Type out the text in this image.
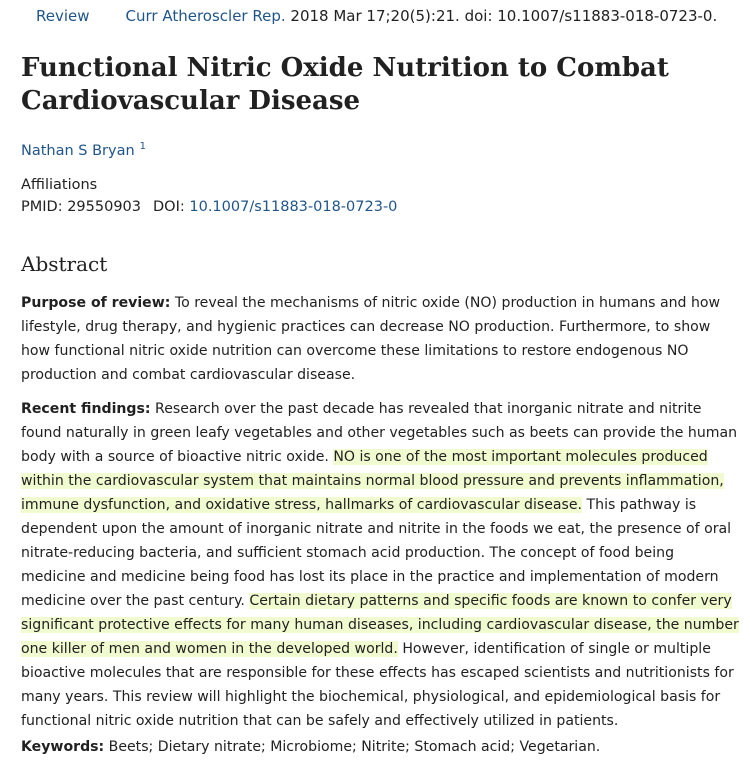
Review Curr Atheroscler Rep. 2018 Mar 17;20(5):21. doi: 10.1007/s11883-018-0723-0.
Functional Nitric Oxide Nutrition to Combat Cardiovascular Disease
Nathan S Bryan $^1$
Affiliations
PMID: 29550903 DOI: 10.1007/s11883-018-0723-0
Abstract

Purpose of review: To reveal the mechanisms of nitric oxide (NO) production in humans and how lifestyle, drug therapy, and hygienic practices can decrease NO production. Furthermore, to show how functional nitric oxide nutrition can overcome these limitations to restore endogenous NO production and combat cardiovascular disease.

Recent findings: Research over the past decade has revealed that inorganic nitrate and nitrite found naturally in green leafy vegetables and other vegetables such as beets can provide the human body with a source of bioactive nitric oxide. NO is one of the most important molecules produced within the cardiovascular system that maintains normal blood pressure and prevents inflammation, immune dysfunction, and oxidative stress, hallmarks of cardiovascular disease. This pathway is dependent upon the amount of inorganic nitrate and nitrite in the foods we eat, the presence of oral nitrate-reducing bacteria, and sufficient stomach acid production. The concept of food being medicine and medicine being food has lost its place in the practice and implementation of modern medicine over the past century. Certain dietary patterns and specific foods are known to confer very significant protective effects for many human diseases, including cardiovascular disease, the number one killer of men and women in the developed world. However, identification of single or multiple bioactive molecules that are responsible for these effects has escaped scientists and nutritionists for many years. This review will highlight the biochemical, physiological, and epidemiological basis for functional nitric oxide nutrition that can be safely and effectively utilized in patients.

Keywords: Beets; Dietary nitrate; Microbiome; Nitrite; Stomach acid; Vegetarian.
